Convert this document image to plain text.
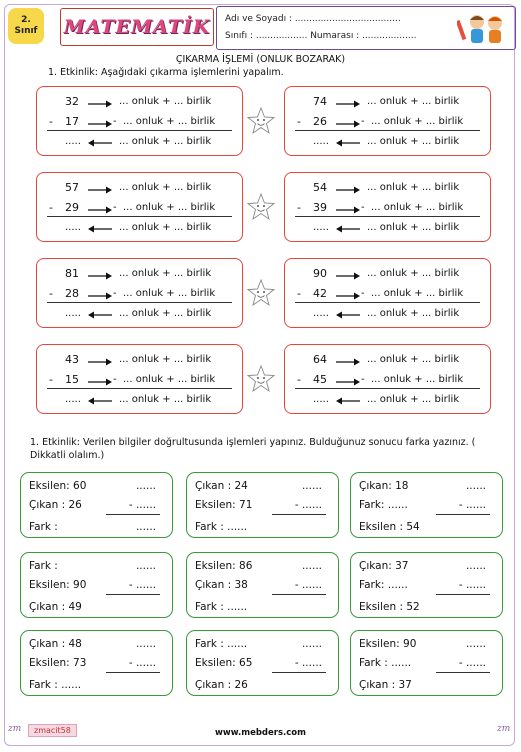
2.
Sınıf MATEMATİK Adı ve Soyadı : .....................................
Sınıfı : .................. Numarası : ...................
ÇIKARMA İŞLEMİ (ONLUK BOZARAK)
1. Etkinlik: Aşağıdaki çıkarma işlemlerini yapalım.
32	... onluk + ... birlik
- 17	- ... onluk + ... birlik
.....	... onluk + ... birlik
74	... onluk + ... birlik
- 26	- ... onluk + ... birlik
.....	... onluk + ... birlik
57	... onluk + ... birlik
- 29	- ... onluk + ... birlik
.....	... onluk + ... birlik
54	... onluk + ... birlik
- 39	- ... onluk + ... birlik
.....	... onluk + ... birlik
81	... onluk + ... birlik
- 28	- ... onluk + ... birlik
.....	... onluk + ... birlik
90	... onluk + ... birlik
- 42	- ... onluk + ... birlik
.....	... onluk + ... birlik
43	... onluk + ... birlik
- 15	- ... onluk + ... birlik
.....	... onluk + ... birlik
64	... onluk + ... birlik
- 45	- ... onluk + ... birlik
.....	... onluk + ... birlik
1. Etkinlik: Verilen bilgiler doğrultusunda işlemleri yapınız. Bulduğunuz sonucu farka yazınız. ( Dikkatli olalım.)
Eksilen: 60	......
Çıkan : 26	- ......
Fark :	......
Çıkan : 24	......
Eksilen: 71	- ......
Fark : ......
Çıkan: 18	......
Fark: ......	- ......
Eksilen : 54
Fark :	......
Eksilen: 90	- ......
Çıkan : 49
Eksilen: 86	......
Çıkan : 38	- ......
Fark : ......
Çıkan: 37	......
Fark: ......	- ......
Eksilen : 52
Çıkan : 48	......
Eksilen: 73	- ......
Fark : ......
Fark : ......	......
Eksilen: 65	- ......
Çıkan : 26
Eksilen: 90	......
Fark : ......	- ......
Çıkan : 37
zm	zmacit58	www.mebders.com	zm
